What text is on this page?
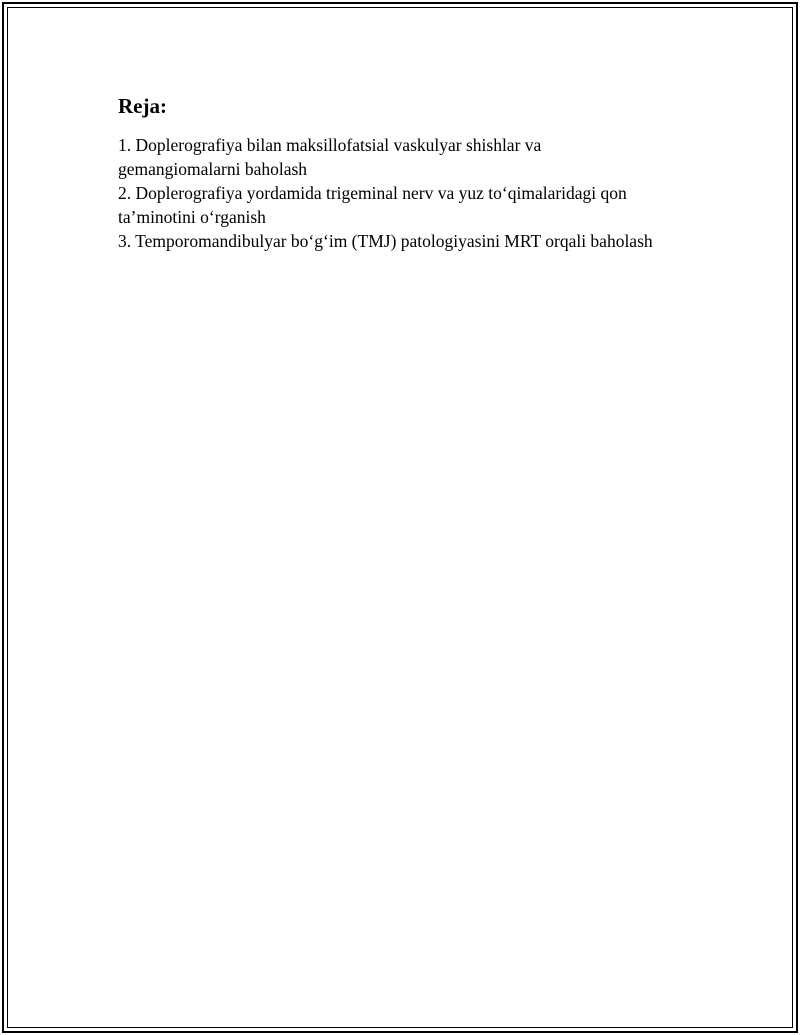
Reja:

1. Doplerografiya bilan maksillofatsial vaskulyar shishlar va gemangiomalarni baholash

2. Doplerografiya yordamida trigeminal nerv va yuz to‘qimalaridagi qon ta’minotini o‘rganish

3. Temporomandibulyar bo‘g‘im (TMJ) patologiyasini MRT orqali baholash
